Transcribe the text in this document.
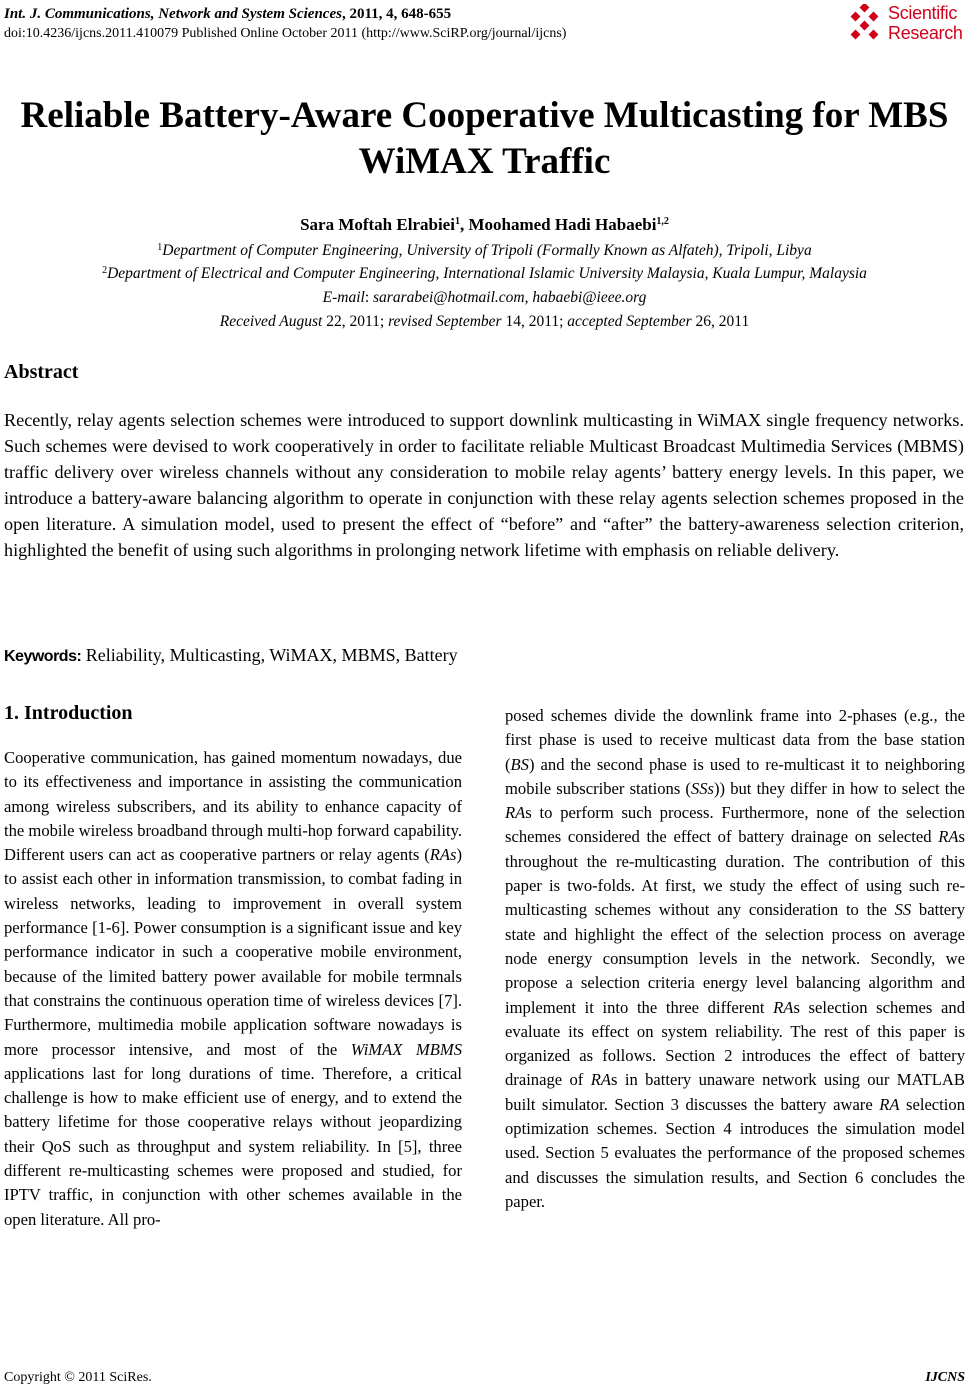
Int. J. Communications, Network and System Sciences, 2011, 4, 648-655
doi:10.4236/ijcns.2011.410079 Published Online October 2011 (http://www.SciRP.org/journal/ijcns)
Scientific
Research
Reliable Battery-Aware Cooperative Multicasting for MBS
WiMAX Traffic
Sara Moftah Elrabiei$^1$, Moohamed Hadi Habaebi$^{1,2}$
$^1$Department of Computer Engineering, University of Tripoli (Formally Known as Alfateh), Tripoli, Libya
$^2$Department of Electrical and Computer Engineering, International Islamic University Malaysia, Kuala Lumpur, Malaysia
E-mail: sararabei@hotmail.com, habaebi@ieee.org
Received August 22, 2011; revised September 14, 2011; accepted September 26, 2011
Abstract
Recently, relay agents selection schemes were introduced to support downlink multicasting in WiMAX single frequency networks. Such schemes were devised to work cooperatively in order to facilitate reliable Multicast Broadcast Multimedia Services (MBMS) traffic delivery over wireless channels without any consideration to mobile relay agents’ battery energy levels. In this paper, we introduce a battery-aware balancing algorithm to operate in conjunction with these relay agents selection schemes proposed in the open literature. A simulation model, used to present the effect of “before” and “after” the battery-awareness selection criterion, highlighted the benefit of using such algorithms in prolonging network lifetime with emphasis on reliable delivery.
Keywords: Reliability, Multicasting, WiMAX, MBMS, Battery
1. Introduction
Cooperative communication, has gained momentum nowadays, due to its effectiveness and importance in assisting the communication among wireless subscribers, and its ability to enhance capacity of the mobile wireless broadband through multi-hop forward capability. Different users can act as cooperative partners or relay agents (RAs) to assist each other in information transmission, to combat fading in wireless networks, leading to improvement in overall system performance [1-6]. Power consumption is a significant issue and key performance indicator in such a cooperative mobile environment, because of the limited battery power available for mobile termnals that constrains the continuous operation time of wireless devices [7]. Furthermore, multimedia mobile application software nowadays is more processor intensive, and most of the WiMAX MBMS applications last for long durations of time. Therefore, a critical challenge is how to make efficient use of energy, and to extend the battery lifetime for those cooperative relays without jeopardizing their QoS such as throughput and system reliability. In [5], three different re-multicasting schemes were proposed and studied, for IPTV traffic, in conjunction with other schemes available in the open literature. All pro-
posed schemes divide the downlink frame into 2-phases (e.g., the first phase is used to receive multicast data from the base station (BS) and the second phase is used to re-multicast it to neighboring mobile subscriber stations (SSs)) but they differ in how to select the RAs to perform such process. Furthermore, none of the selection schemes considered the effect of battery drainage on selected RAs throughout the re-multicasting duration. The contribution of this paper is two-folds. At first, we study the effect of using such re-multicasting schemes without any consideration to the SS battery state and highlight the effect of the selection process on average node energy consumption levels in the network. Secondly, we propose a selection criteria energy level balancing algorithm and implement it into the three different RAs selection schemes and evaluate its effect on system reliability. The rest of this paper is organized as follows. Section 2 introduces the effect of battery drainage of RAs in battery unaware network using our MATLAB built simulator. Section 3 discusses the battery aware RA selection optimization schemes. Section 4 introduces the simulation model used. Section 5 evaluates the performance of the proposed schemes and discusses the simulation results, and Section 6 concludes the paper.
Copyright © 2011 SciRes.	IJCNS
